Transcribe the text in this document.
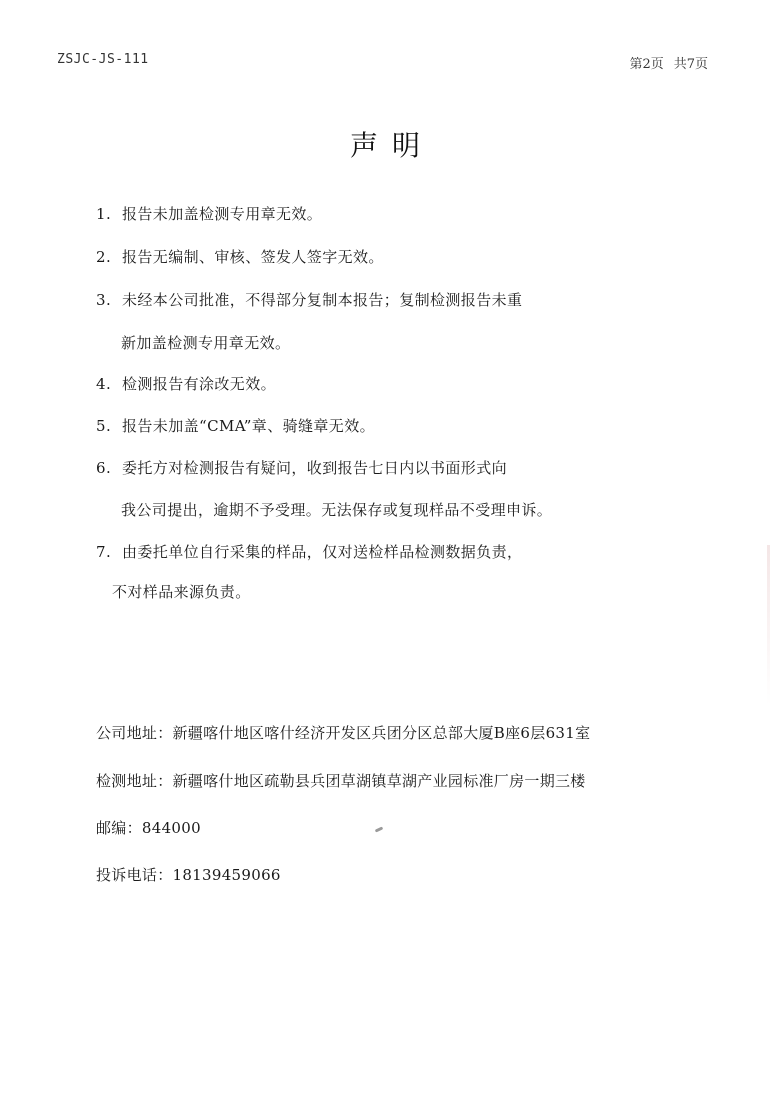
ZSJC-JS-111	第2页 共7页
声明
1. 报告未加盖检测专用章无效。
2. 报告无编制、审核、签发人签字无效。
3. 未经本公司批准，不得部分复制本报告；复制检测报告未重
新加盖检测专用章无效。
4. 检测报告有涂改无效。
5. 报告未加盖“CMA”章、骑缝章无效。
6. 委托方对检测报告有疑问，收到报告七日内以书面形式向
我公司提出，逾期不予受理。无法保存或复现样品不受理申诉。
7. 由委托单位自行采集的样品，仅对送检样品检测数据负责，
不对样品来源负责。
公司地址：新疆喀什地区喀什经济开发区兵团分区总部大厦B座6层631室
检测地址：新疆喀什地区疏勒县兵团草湖镇草湖产业园标准厂房一期三楼
邮编：844000
投诉电话：18139459066
